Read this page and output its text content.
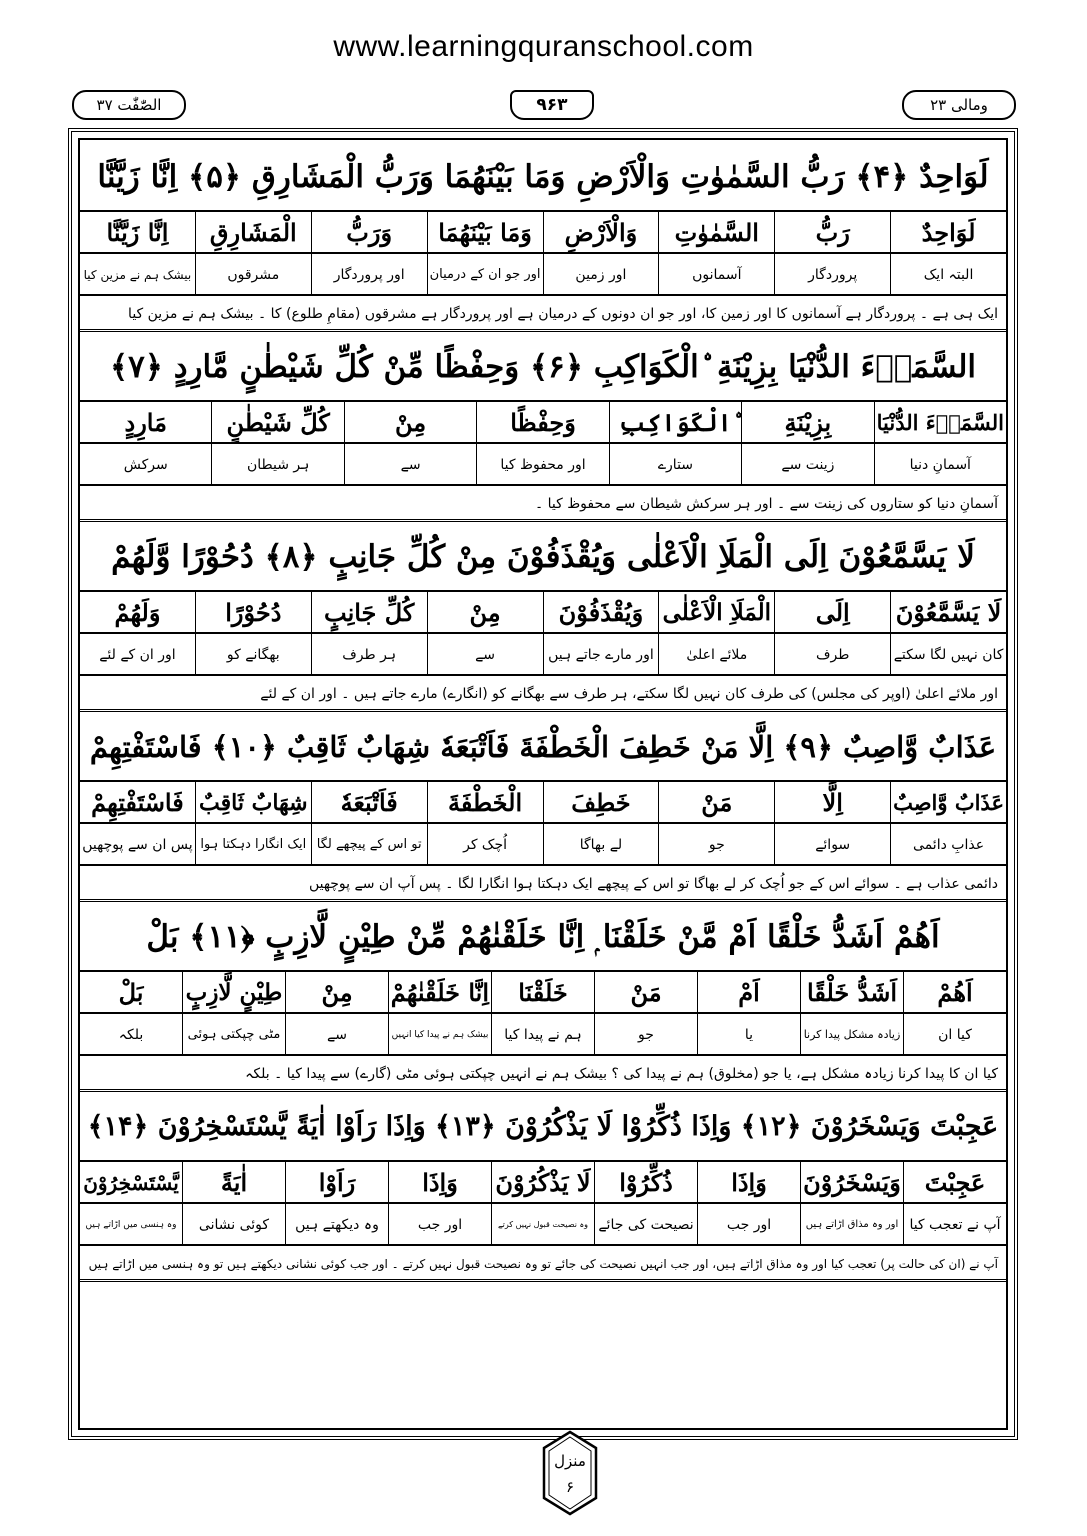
www.learningquranschool.com
الصّٰفّٰت ۳۷	۹۶۳	ومالی ۲۳
لَوَاحِدٌ ﴿۴﴾ رَبُّ السَّمٰوٰتِ وَالْاَرْضِ وَمَا بَيْنَهُمَا وَرَبُّ الْمَشَارِقِ ﴿۵﴾ اِنَّا زَيَّنَّا
لَوَاحِدٌ
رَبُّ
السَّمٰوٰتِ
وَالْاَرْضِ
وَمَا بَيْنَهُمَا
وَرَبُّ
الْمَشَارِقِ
اِنَّا زَيَّنَّا
البتہ ایک
پروردگار
آسمانوں
اور زمین
اور جو ان کے درمیان
اور پروردگار
مشرقوں
بیشک ہم نے مزین کیا
ایک ہی ہے ۔ پروردگار ہے آسمانوں کا اور زمین کا، اور جو ان دونوں کے درمیان ہے اور پروردگار ہے مشرقوں (مقامِ طلوع) کا ۔ بیشک ہم نے مزین کیا
السَّمَاۗءَ الدُّنْيَا بِزِيْنَةِ ۨالْكَوَاكِبِ ﴿۶﴾ وَحِفْظًا مِّنْ كُلِّ شَيْطٰنٍ مَّارِدٍ ﴿۷﴾
السَّمَاۗءَ الدُّنْيَا
بِزِيْنَةِ
ۨالْكَوَاكِبِ
وَحِفْظًا
مِنْ
كُلِّ شَيْطٰنٍ
مَارِدٍ
آسمانِ دنیا
زینت سے
ستارے
اور محفوظ کیا
سے
ہر شیطان
سرکش
آسمانِ دنیا کو ستاروں کی زینت سے ۔ اور ہر سرکش شیطان سے محفوظ کیا ۔
لَا يَسَّمَّعُوْنَ اِلَى الْمَلَاِ الْاَعْلٰى وَيُقْذَفُوْنَ مِنْ كُلِّ جَانِبٍ ﴿۸﴾ دُحُوْرًا وَّلَهُمْ
لَا يَسَّمَّعُوْنَ
اِلَى
الْمَلَاِ الْاَعْلٰى
وَيُقْذَفُوْنَ
مِنْ
كُلِّ جَانِبٍ
دُحُوْرًا
وَلَهُمْ
کان نہیں لگا سکتے
طرف
ملائے اعلیٰ
اور مارے جاتے ہیں
سے
ہر طرف
بھگانے کو
اور ان کے لئے
اور ملائے اعلیٰ (اوپر کی مجلس) کی طرف کان نہیں لگا سکتے، ہر طرف سے بھگانے کو (انگارے) مارے جاتے ہیں ۔ اور ان کے لئے
عَذَابٌ وَّاصِبٌ ﴿۹﴾ اِلَّا مَنْ خَطِفَ الْخَطْفَةَ فَاَتْبَعَهٗ شِهَابٌ ثَاقِبٌ ﴿۱۰﴾ فَاسْتَفْتِهِمْ
عَذَابٌ وَّاصِبٌ
اِلَّا
مَنْ
خَطِفَ
الْخَطْفَةَ
فَاَتْبَعَهٗ
شِهَابٌ ثَاقِبٌ
فَاسْتَفْتِهِمْ
عذابِ دائمی
سوائے
جو
لے بھاگا
اُچک کر
تو اس کے پیچھے لگا
ایک انگارا دہکتا ہوا
پس ان سے پوچھیں
دائمی عذاب ہے ۔ سوائے اس کے جو اُچک کر لے بھاگا تو اس کے پیچھے ایک دہکتا ہوا انگارا لگا ۔ پس آپ ان سے پوچھیں
اَهُمْ اَشَدُّ خَلْقًا اَمْ مَّنْ خَلَقْنَا ۭ اِنَّا خَلَقْنٰهُمْ مِّنْ طِيْنٍ لَّازِبٍ ﴿۱۱﴾ بَلْ
اَهُمْ
اَشَدُّ خَلْقًا
اَمْ
مَنْ
خَلَقْنَا
اِنَّا خَلَقْنٰهُمْ
مِنْ
طِيْنٍ لَّازِبٍ
بَلْ
کیا ان
زیادہ مشکل پیدا کرنا
یا
جو
ہم نے پیدا کیا
بیشک ہم نے پیدا کیا انہیں
سے
مٹی چپکتی ہوئی
بلکہ
کیا ان کا پیدا کرنا زیادہ مشکل ہے، یا جو (مخلوق) ہم نے پیدا کی ؟ بیشک ہم نے انہیں چپکتی ہوئی مٹی (گارے) سے پیدا کیا ۔ بلکہ
عَجِبْتَ وَيَسْخَرُوْنَ ﴿۱۲﴾ وَاِذَا ذُكِّرُوْا لَا يَذْكُرُوْنَ ﴿۱۳﴾ وَاِذَا رَاَوْا اٰيَةً يَّسْتَسْخِرُوْنَ ﴿۱۴﴾
عَجِبْتَ
وَيَسْخَرُوْنَ
وَاِذَا
ذُكِّرُوْا
لَا يَذْكُرُوْنَ
وَاِذَا
رَاَوْا
اٰيَةً
يَّسْتَسْخِرُوْنَ
آپ نے تعجب کیا
اور وہ مذاق اڑاتے ہیں
اور جب
نصیحت کی جائے
وہ نصیحت قبول نہیں کرتے
اور جب
وہ دیکھتے ہیں
کوئی نشانی
وہ ہنسی میں اڑاتے ہیں
آپ نے (ان کی حالت پر) تعجب کیا اور وہ مذاق اڑاتے ہیں، اور جب انہیں نصیحت کی جائے تو وہ نصیحت قبول نہیں کرتے ۔ اور جب کوئی نشانی دیکھتے ہیں تو وہ ہنسی میں اڑاتے ہیں
منزل
۶
